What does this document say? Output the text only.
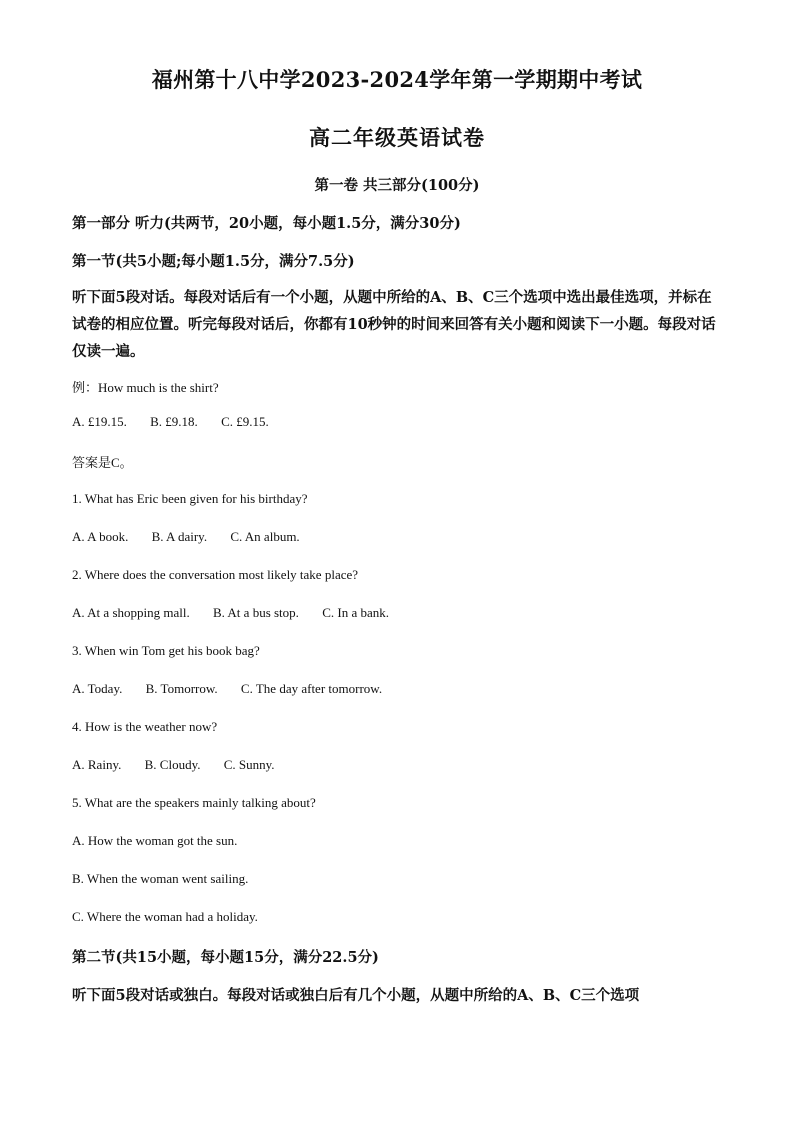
福州第十八中学2023-2024学年第一学期期中考试
高二年级英语试卷
第一卷 共三部分(100分)
第一部分 听力(共两节，20小题，每小题1.5分，满分30分)
第一节(共5小题;每小题1.5分，满分7.5分)
听下面5段对话。每段对话后有一个小题，从题中所给的A、B、C三个选项中选出最佳选项，并标在试卷的相应位置。听完每段对话后，你都有10秒钟的时间来回答有关小题和阅读下一小题。每段对话仅读一遍。
例：How much is the shirt?
A. £19.15. B. £9.18. C. £9.15.
答案是C。
1. What has Eric been given for his birthday?
A. A book. B. A dairy. C. An album.
2. Where does the conversation most likely take place?
A. At a shopping mall. B. At a bus stop. C. In a bank.
3. When win Tom get his book bag?
A. Today. B. Tomorrow. C. The day after tomorrow.
4. How is the weather now?
A. Rainy. B. Cloudy. C. Sunny.
5. What are the speakers mainly talking about?
A. How the woman got the sun.
B. When the woman went sailing.
C. Where the woman had a holiday.
第二节(共15小题，每小题15分，满分22.5分)
听下面5段对话或独白。每段对话或独白后有几个小题，从题中所给的A、B、C三个选项
